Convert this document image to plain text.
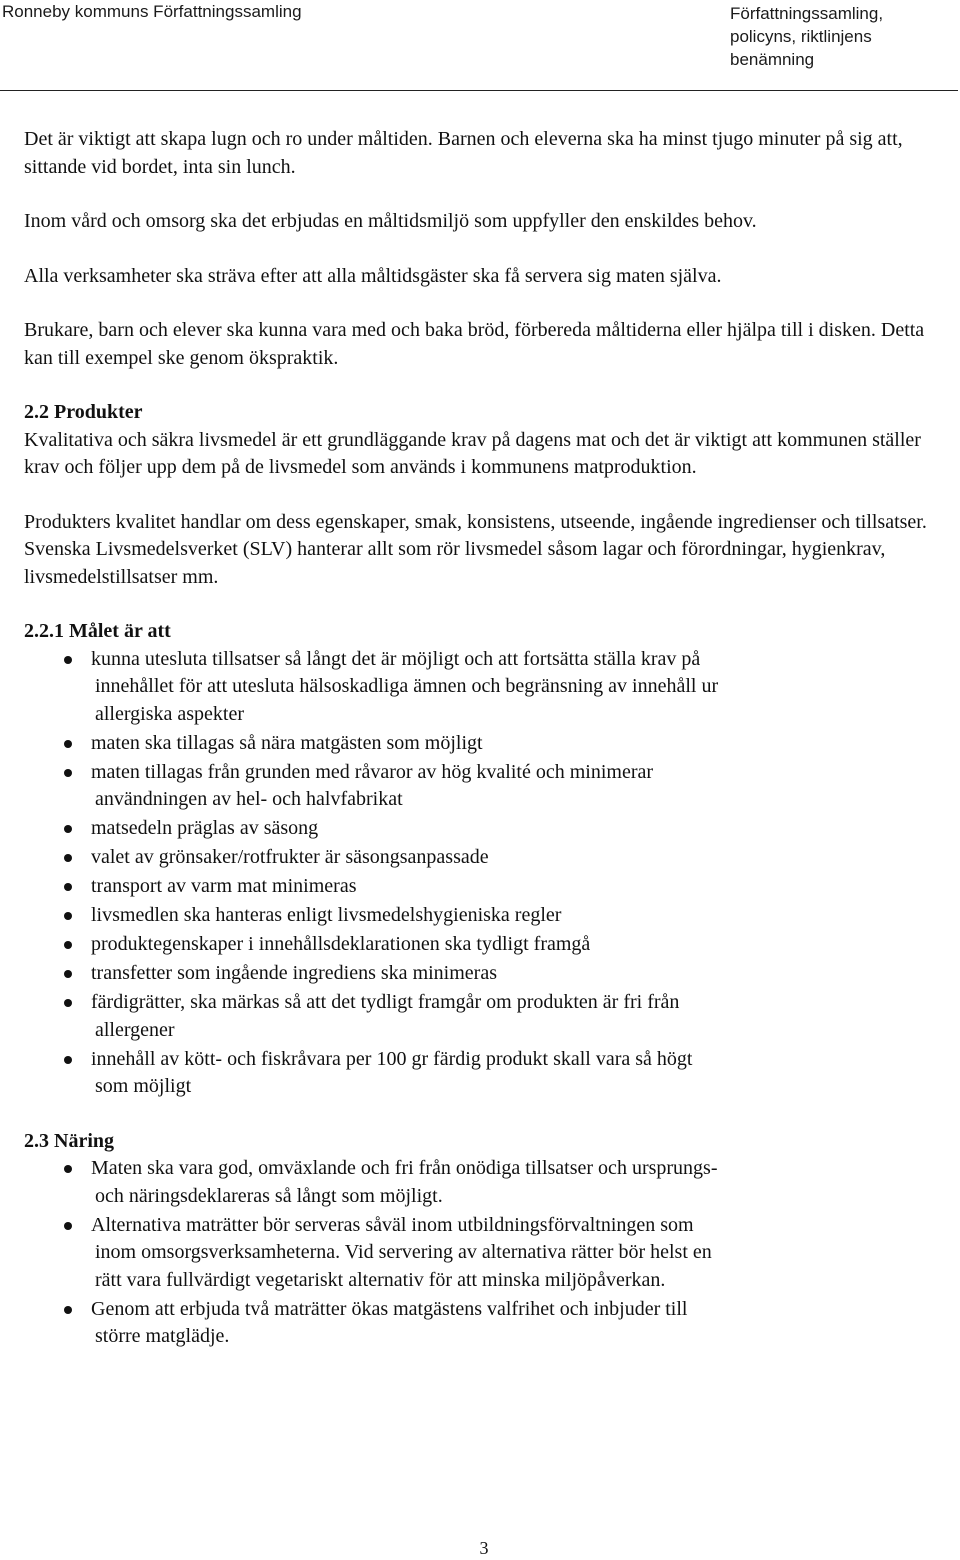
Ronneby kommuns Författningssamling	Författningssamling,
policyns, riktlinjens
benämning

Det är viktigt att skapa lugn och ro under måltiden. Barnen och eleverna ska ha minst tjugo minuter på sig att, sittande vid bordet, inta sin lunch.

Inom vård och omsorg ska det erbjudas en måltidsmiljö som uppfyller den enskildes behov.

Alla verksamheter ska sträva efter att alla måltidsgäster ska få servera sig maten själva.

Brukare, barn och elever ska kunna vara med och baka bröd, förbereda måltiderna eller hjälpa till i disken. Detta kan till exempel ske genom ökspraktik.

2.2 Produkter

Kvalitativa och säkra livsmedel är ett grundläggande krav på dagens mat och det är viktigt att kommunen ställer krav och följer upp dem på de livsmedel som används i kommunens matproduktion.

Produkters kvalitet handlar om dess egenskaper, smak, konsistens, utseende, ingående ingredienser och tillsatser. Svenska Livsmedelsverket (SLV) hanterar allt som rör livsmedel såsom lagar och förordningar, hygienkrav, livsmedelstillsatser mm.

2.2.1 Målet är att

kunna utesluta tillsatser så långt det är möjligt och att fortsätta ställa krav på
innehållet för att utesluta hälsoskadliga ämnen och begränsning av innehåll ur
allergiska aspekter
maten ska tillagas så nära matgästen som möjligt
maten tillagas från grunden med råvaror av hög kvalité och minimerar
användningen av hel- och halvfabrikat
matsedeln präglas av säsong
valet av grönsaker/rotfrukter är säsongsanpassade
transport av varm mat minimeras
livsmedlen ska hanteras enligt livsmedelshygieniska regler
produktegenskaper i innehållsdeklarationen ska tydligt framgå
transfetter som ingående ingrediens ska minimeras
färdigrätter, ska märkas så att det tydligt framgår om produkten är fri från
allergener
innehåll av kött- och fiskråvara per 100 gr färdig produkt skall vara så högt
som möjligt

2.3 Näring

Maten ska vara god, omväxlande och fri från onödiga tillsatser och ursprungs-
och näringsdeklareras så långt som möjligt.
Alternativa maträtter bör serveras såväl inom utbildningsförvaltningen som
inom omsorgsverksamheterna. Vid servering av alternativa rätter bör helst en
rätt vara fullvärdigt vegetariskt alternativ för att minska miljöpåverkan.
Genom att erbjuda två maträtter ökas matgästens valfrihet och inbjuder till
större matglädje.
3
